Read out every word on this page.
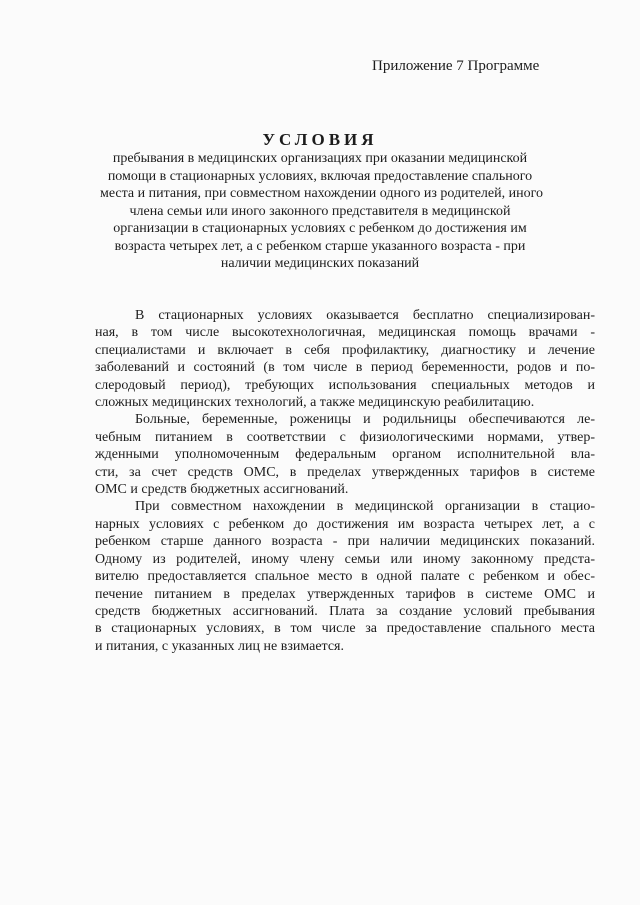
Приложение 7 Программе
УСЛОВИЯ
пребывания в медицинских организациях при оказании медицинской
помощи в стационарных условиях, включая предоставление спального
места и питания, при совместном нахождении одного из родителей, иного
члена семьи или иного законного представителя в медицинской
организации в стационарных условиях с ребенком до достижения им
возраста четырех лет, а с ребенком старше указанного возраста - при
наличии медицинских показаний
В стационарных условиях оказывается бесплатно специализирован-
ная, в том числе высокотехнологичная, медицинская помощь врачами -
специалистами и включает в себя профилактику, диагностику и лечение
заболеваний и состояний (в том числе в период беременности, родов и по-
слеродовый период), требующих использования специальных методов и
сложных медицинских технологий, а также медицинскую реабилитацию.
Больные, беременные, роженицы и родильницы обеспечиваются ле-
чебным питанием в соответствии с физиологическими нормами, утвер-
жденными уполномоченным федеральным органом исполнительной вла-
сти, за счет средств ОМС, в пределах утвержденных тарифов в системе
ОМС и средств бюджетных ассигнований.
При совместном нахождении в медицинской организации в стацио-
нарных условиях с ребенком до достижения им возраста четырех лет, а с
ребенком старше данного возраста - при наличии медицинских показаний.
Одному из родителей, иному члену семьи или иному законному предста-
вителю предоставляется спальное место в одной палате с ребенком и обес-
печение питанием в пределах утвержденных тарифов в системе ОМС и
средств бюджетных ассигнований. Плата за создание условий пребывания
в стационарных условиях, в том числе за предоставление спального места
и питания, с указанных лиц не взимается.
